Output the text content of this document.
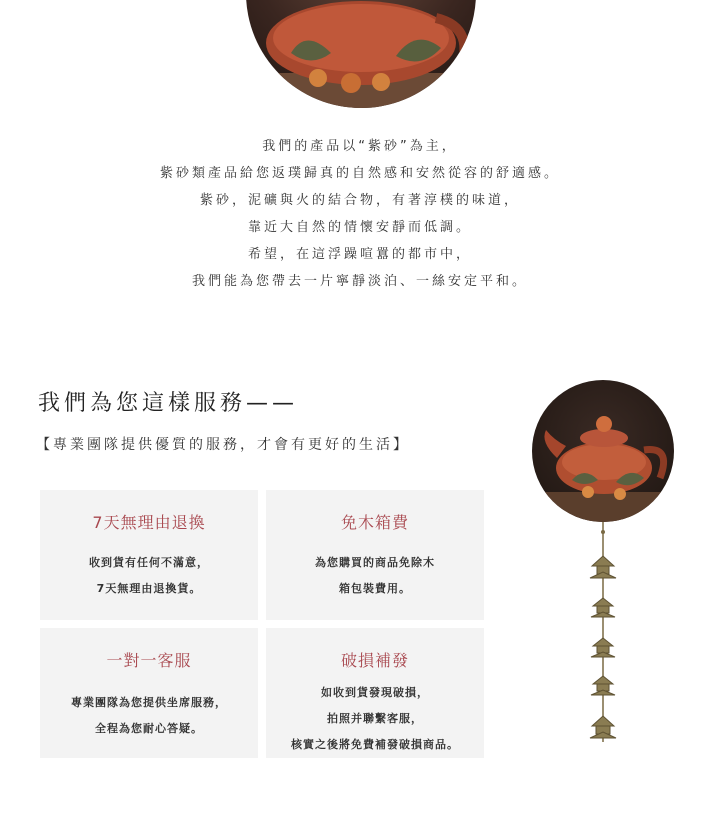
我們的產品以“紫砂”為主，

紫砂類產品給您返璞歸真的自然感和安然從容的舒適感。

紫砂，泥礦與火的結合物，有著淳樸的味道，

靠近大自然的情懷安靜而低調。

希望，在這浮躁喧囂的都市中，

我們能為您帶去一片寧靜淡泊、一絲安定平和。

我們為您這樣服務——
【專業團隊提供優質的服務，才會有更好的生活】
7天無理由退換
收到貨有任何不滿意，
7天無理由退換貨。
免木箱費
為您購買的商品免除木
箱包裝費用。
一對一客服
專業團隊為您提供坐席服務，
全程為您耐心答疑。
破損補發
如收到貨發現破損，
拍照并聯繫客服，
核實之後將免費補發破損商品。
